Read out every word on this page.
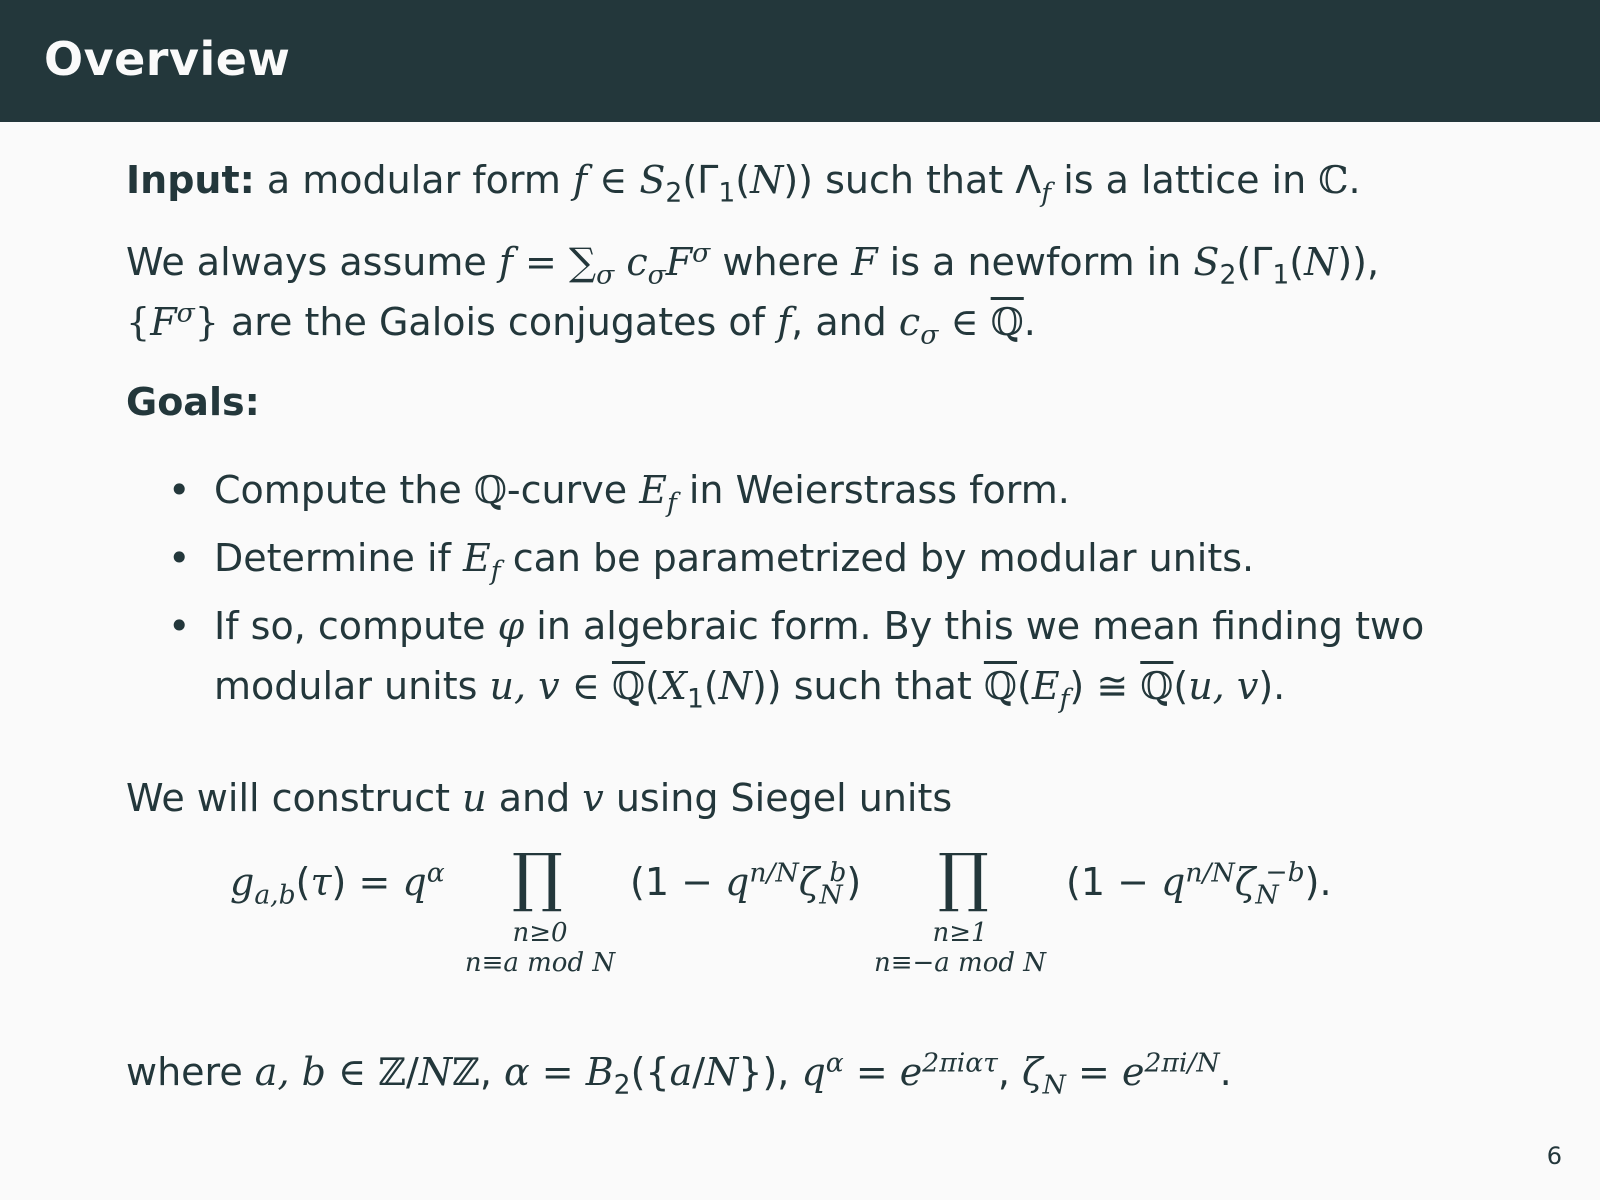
Overview

Input: a modular form f ∈ $S_2(\Gamma_1(N))$ such that $\Lambda_f$ is a lattice in ℂ.

We always assume $f = \sum_\sigma$ $c_\sigma F^\sigma$ where F is a newform in $S_2(\Gamma_1(N))$,
$\{F^\sigma\}$ are the Galois conjugates of f, and $c_\sigma$ ∈ ℚ.

Goals:

• Compute the ℚ-curve $E_f$ in Weierstrass form.
• Determine if $E_f$ can be parametrized by modular units.
• If so, compute φ in algebraic form. By this we mean finding two modular units u, v ∈ $ℚ(X_1(N))$ such that $ℚ(E_f)$ ≅ ℚ(u, v).

We will construct u and v using Siegel units

where a, b ∈ ℤ/Nℤ, $\alpha = B_2(\{a/N\})$, $q^\alpha = e^{2\pi i\alpha\tau}$, $\zeta_N = e^{2\pi i/N}$.

$g_{a,b}(\tau) = q^\alpha$ ∏
n≥0
n≡a mod N
$(1 - q^{n/N}\zeta_N^b)$ ∏
n≥1
n≡−a mod N
$(1 - q^{n/N}\zeta_N^{-b})$.
6
